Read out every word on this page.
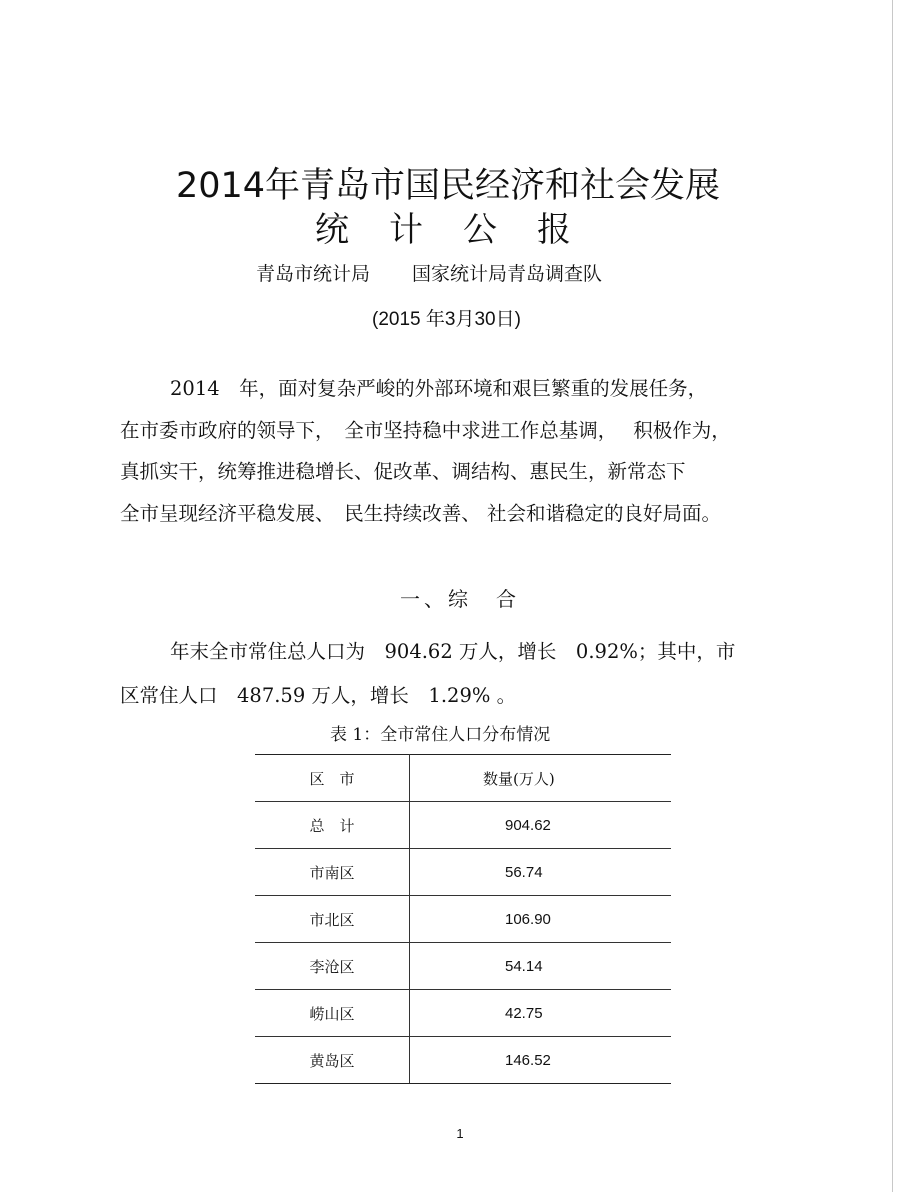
2014年青岛市国民经济和社会发展
统计公报
青岛市统计局 国家统计局青岛调查队
(2015 年3月30日)
2014　年，面对复杂严峻的外部环境和艰巨繁重的发展任务，
在市委市政府的领导下，　全市坚持稳中求进工作总基调，　 积极作为，
真抓实干，统筹推进稳增长、促改革、调结构、惠民生，新常态下
全市呈现经济平稳发展、　民生持续改善、 社会和谐稳定的良好局面。
一、综　合
年末全市常住总人口为　904.62 万人，增长　0.92%；其中，市
区常住人口　487.59 万人，增长　1.29% 。
表 1：全市常住人口分布情况
区　市	数量(万人)
总　计	904.62
市南区	56.74
市北区	106.90
李沧区	54.14
崂山区	42.75
黄岛区	146.52
1
